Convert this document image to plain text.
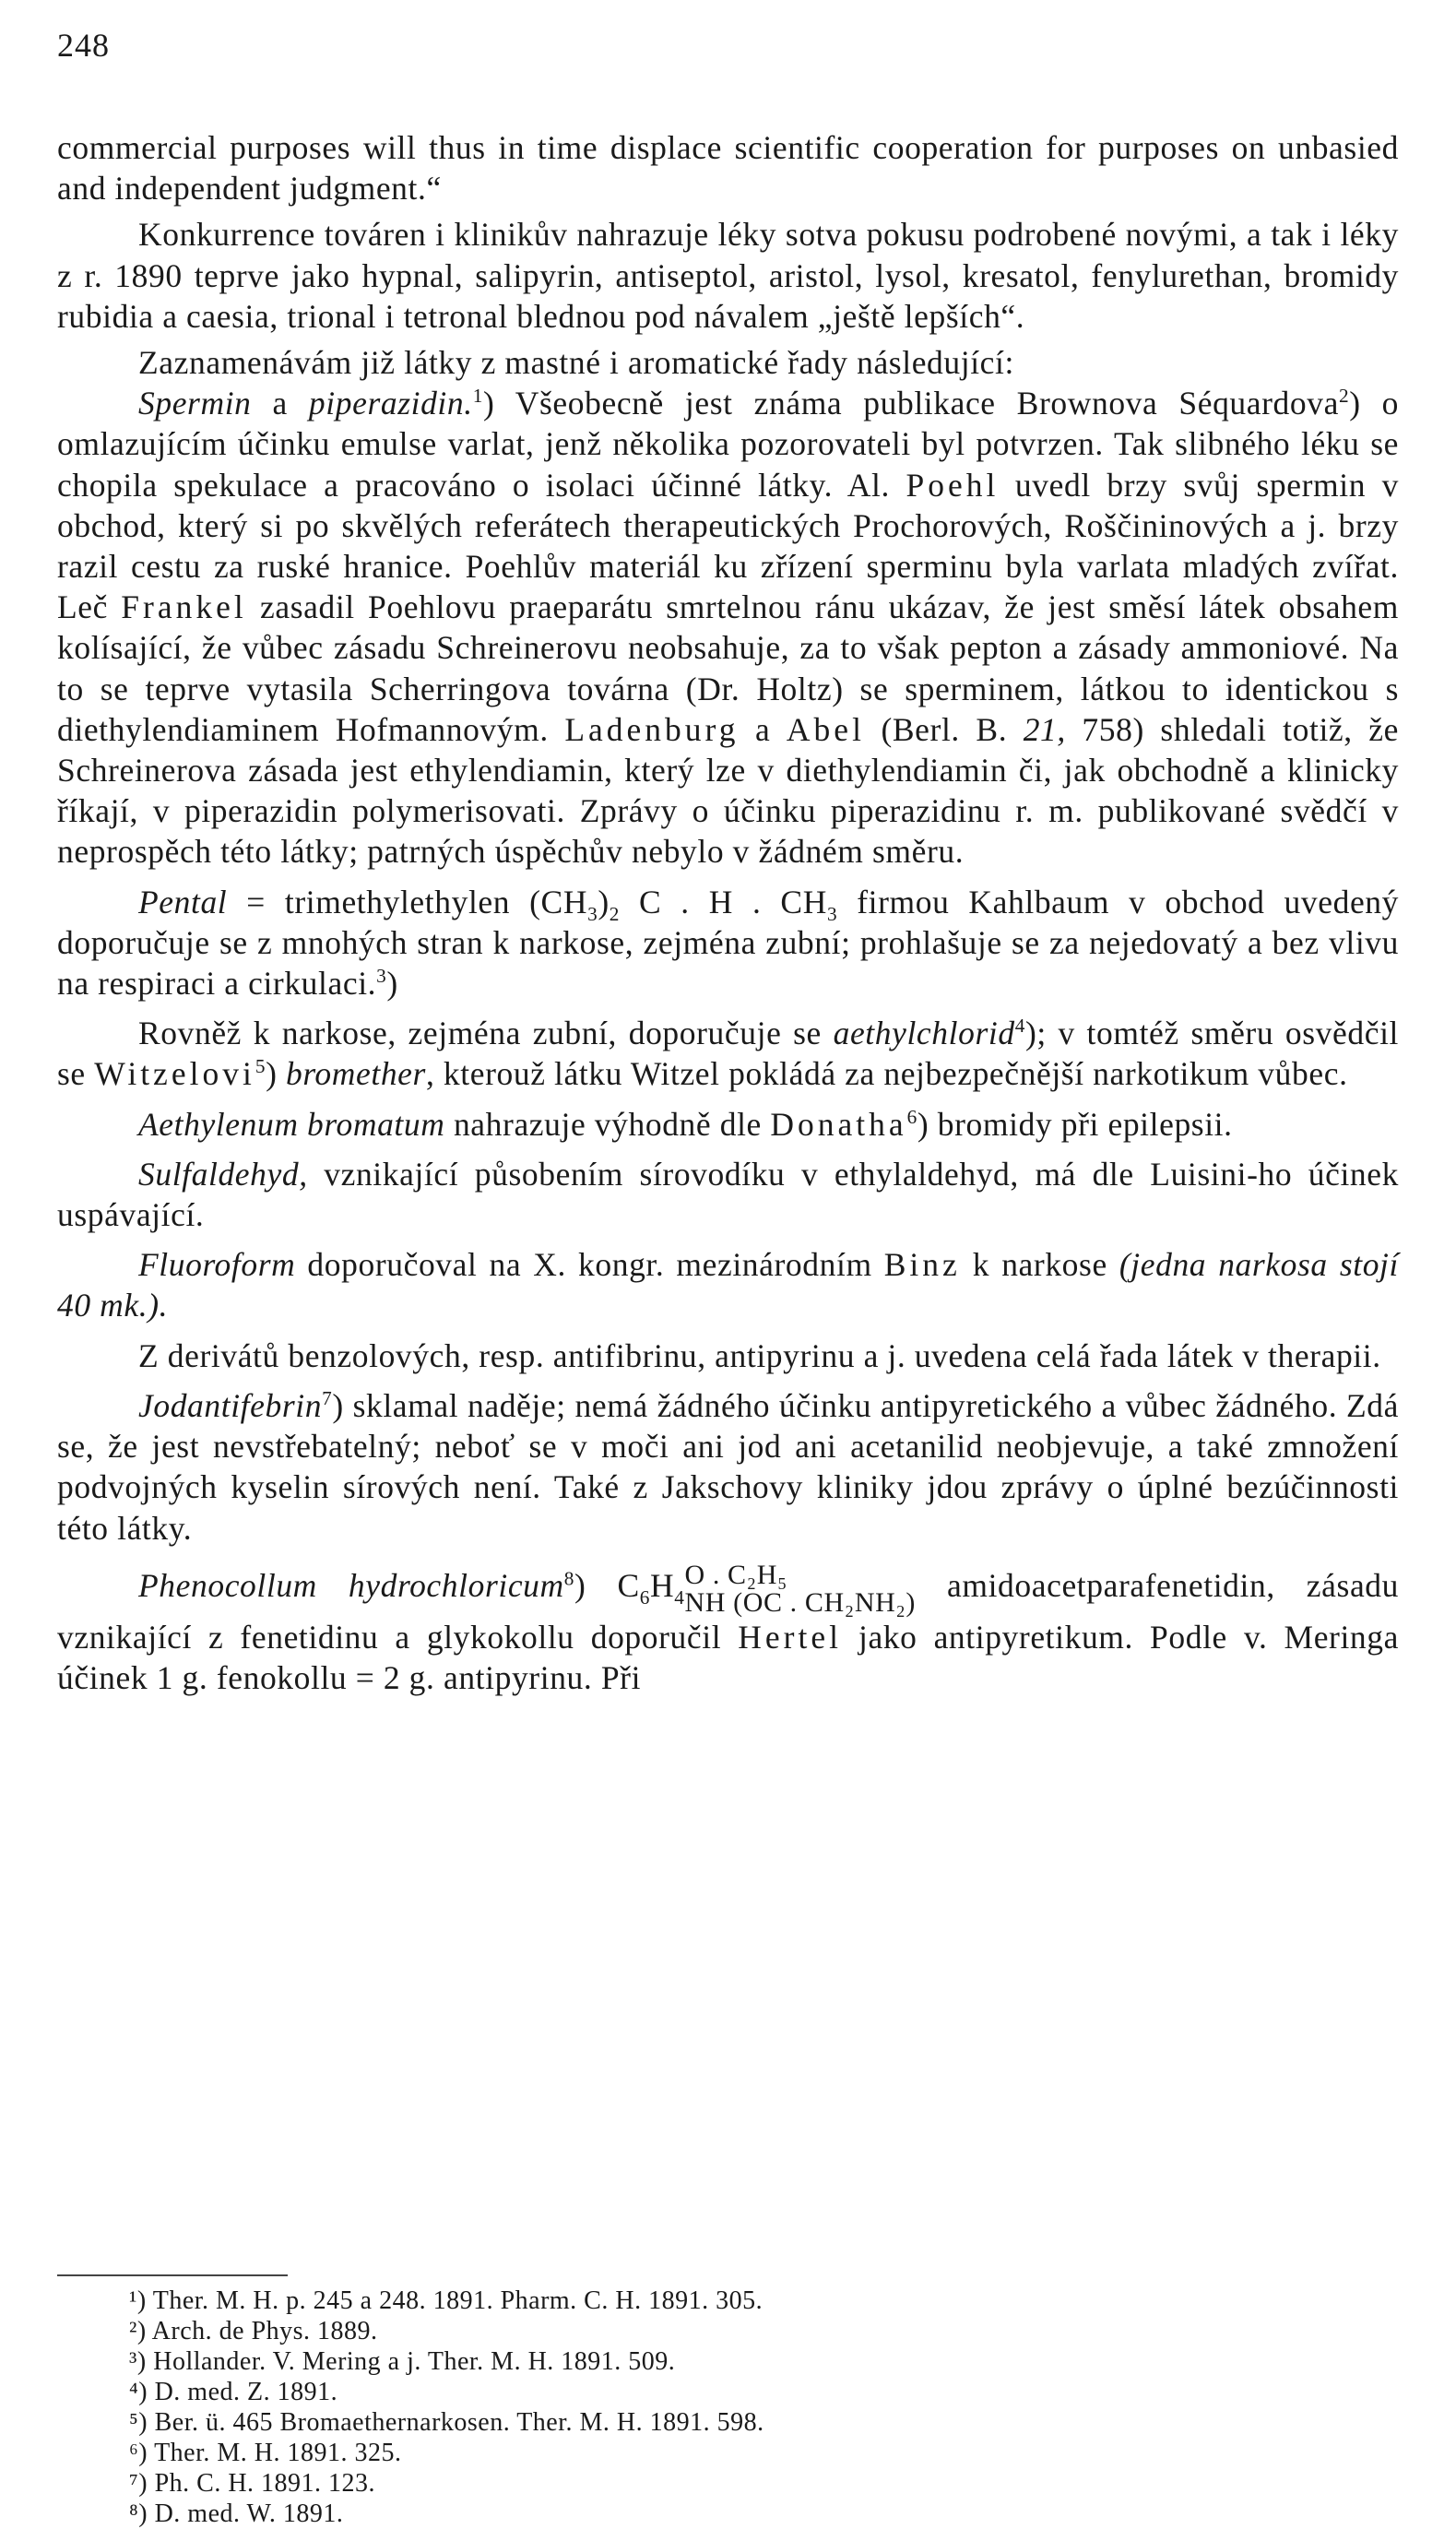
248

commercial purposes will thus in time displace scientific cooperation for purposes on unbasied and independent judgment.“

Konkurrence továren i klinikův nahrazuje léky sotva pokusu podrobené novými, a tak i léky z r. 1890 teprve jako hypnal, salipyrin, antiseptol, aristol, lysol, kresatol, fenylurethan, bromidy rubidia a caesia, trional i tetronal blednou pod návalem „ještě lepších“.

Zaznamenávám již látky z mastné i aromatické řady následující:

Spermin a piperazidin.$^1$) Všeobecně jest známa publikace Brownova Séquardova$^2$) o omlazujícím účinku emulse varlat, jenž několika pozorovateli byl potvrzen. Tak slibného léku se chopila spekulace a pracováno o isolaci účinné látky. Al. Poehl uvedl brzy svůj spermin v obchod, který si po skvělých referátech therapeutických Prochorových, Roščininových a j. brzy razil cestu za ruské hranice. Poehlův materiál ku zřízení sperminu byla varlata mladých zvířat. Leč Frankel zasadil Poehlovu praeparátu smrtelnou ránu ukázav, že jest směsí látek obsahem kolísající, že vůbec zásadu Schreinerovu neobsahuje, za to však pepton a zásady ammoniové. Na to se teprve vytasila Scherringova továrna (Dr. Holtz) se sperminem, látkou to identickou s diethylendiaminem Hofmannovým. Ladenburg a Abel (Berl. B. 21, 758) shledali totiž, že Schreinerova zásada jest ethylendiamin, který lze v diethylendiamin či, jak obchodně a klinicky říkají, v piperazidin polymerisovati. Zprávy o účinku piperazidinu r. m. publikované svědčí v neprospěch této látky; patrných úspěchův nebylo v žádném směru.

Pental = trimethylethylen $(CH_3)_2$ C . H . $CH_3$ firmou Kahlbaum v obchod uvedený doporučuje se z mnohých stran k narkose, zejména zubní; prohlašuje se za nejedovatý a bez vlivu na respiraci a cirkulaci.$^3$)

Rovněž k narkose, zejména zubní, doporučuje se aethylchlorid$^4$); v tomtéž směru osvědčil se Witzelovi$^5$) bromether, kterouž látku Witzel pokládá za nejbezpečnější narkotikum vůbec.

Aethylenum bromatum nahrazuje výhodně dle Donatha$^6$) bromidy při epilepsii.

Sulfaldehyd, vznikající působením sírovodíku v ethylaldehyd, má dle Luisini-ho účinek uspávající.

Fluoroform doporučoval na X. kongr. mezinárodním Binz k narkose (jedna narkosa stojí 40 mk.).

Z derivátů benzolových, resp. antifibrinu, antipyrinu a j. uvedena celá řada látek v therapii.

Jodantifebrin$^7$) sklamal naděje; nemá žádného účinku antipyretického a vůbec žádného. Zdá se, že jest nevstřebatelný; neboť se v moči ani jod ani acetanilid neobjevuje, a také zmnožení podvojných kyselin sírových není. Také z Jakschovy kliniky jdou zprávy o úplné bezúčinnosti této látky.

Phenocollum hydrochloricum$^8$) $C_6H_4$
O . C₂H₅
NH (OC . CH₂NH₂) amidoacetparafenetidin, zásadu vznikající z fenetidinu a glykokollu doporučil Hertel jako antipyretikum. Podle v. Meringa účinek 1 g. fenokollu = 2 g. antipyrinu. Při

¹) Ther. M. H. p. 245 a 248. 1891. Pharm. C. H. 1891. 305.
²) Arch. de Phys. 1889.
³) Hollander. V. Mering a j. Ther. M. H. 1891. 509.
⁴) D. med. Z. 1891.
⁵) Ber. ü. 465 Bromaethernarkosen. Ther. M. H. 1891. 598.
⁶) Ther. M. H. 1891. 325.
⁷) Ph. C. H. 1891. 123.
⁸) D. med. W. 1891.
